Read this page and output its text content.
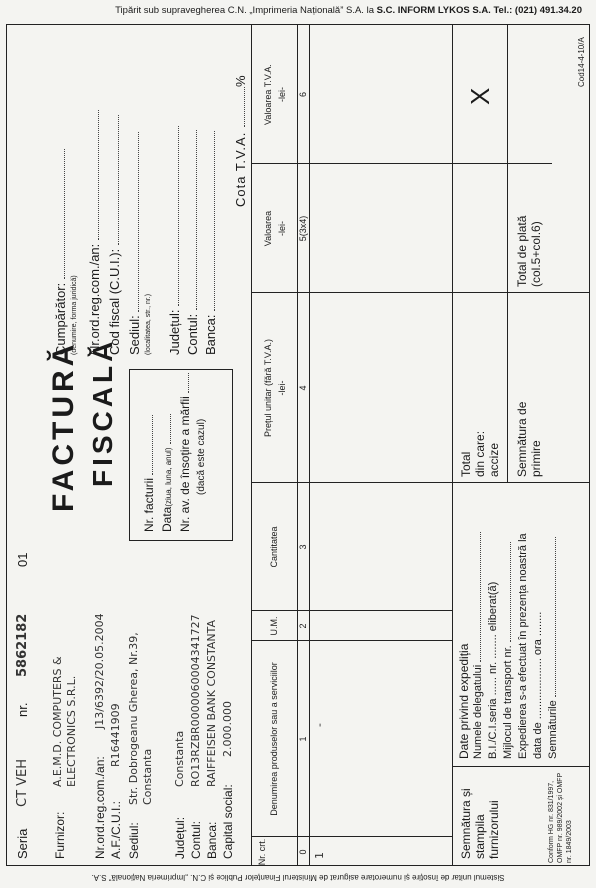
Tipărit sub supravegherea C.N. „Imprimeria Națională” S.A. la S.C. INFORM LYKOS S.A. Tel.: (021) 491.34.20
Seria
CT VEH
nr.
5862182
01
Furnizor:
A.E.M.D. COMPUTERS & ELECTRONICS S.R.L.
Nr.ord.reg.com./an:
J13/6392/20.05.2004
A.F./C.U.I.:
R16441909
Sediul:
Str. Dobrogeanu Gherea, Nr.39, Constanta
Județul:
Constanta
Contul:
RO13RZBR0000060004341727
Banca:
RAIFFEISEN BANK CONSTANTA
Capital social:
2.000.000
FACTURĂ FISCALĂ
Nr. facturii Data(ziua, luna, anul) Nr. av. de însoțire a mărfii (dacă este cazul)
Cumpărător: (denumire, forma juridică) Nr.ord.reg.com./an: Cod fiscal (C.U.I.): Sediul: (localitatea, str., nr.) Județul: Contul: Banca:
Cota T.V.A. %
Nr. crt.
Denumirea produselor sau a serviciilor
U.M.
Cantitatea
Prețul unitar (fără T.V.A.) -lei-
Valoarea -lei-
Valoarea T.V.A. -lei-
0
1
2
3
4
5(3x4)
6
1
-
Semnătura și stampila furnizorului	Conform HG nr. 831/1997, OMFP nr. 989/2002 și OMFP nr. 1849/2003
Date privind expediția Numele delegatului B.I./C.I.seria ...... nr. ........ eliberat(ă) Mijlocul de transport nr. Expedierea s-a efectuat în prezența noastră la data de .................... ora ........ Semnăturile
Total din care: accize Semnătura de primire
Total de plată (col.5+col.6)
X
Cod14-4-10/A
Sistemul unitar de însoțire și numerotare asigurat de Ministerul Finanțelor Publice și C.N. „Imprimeria Națională” S.A.
